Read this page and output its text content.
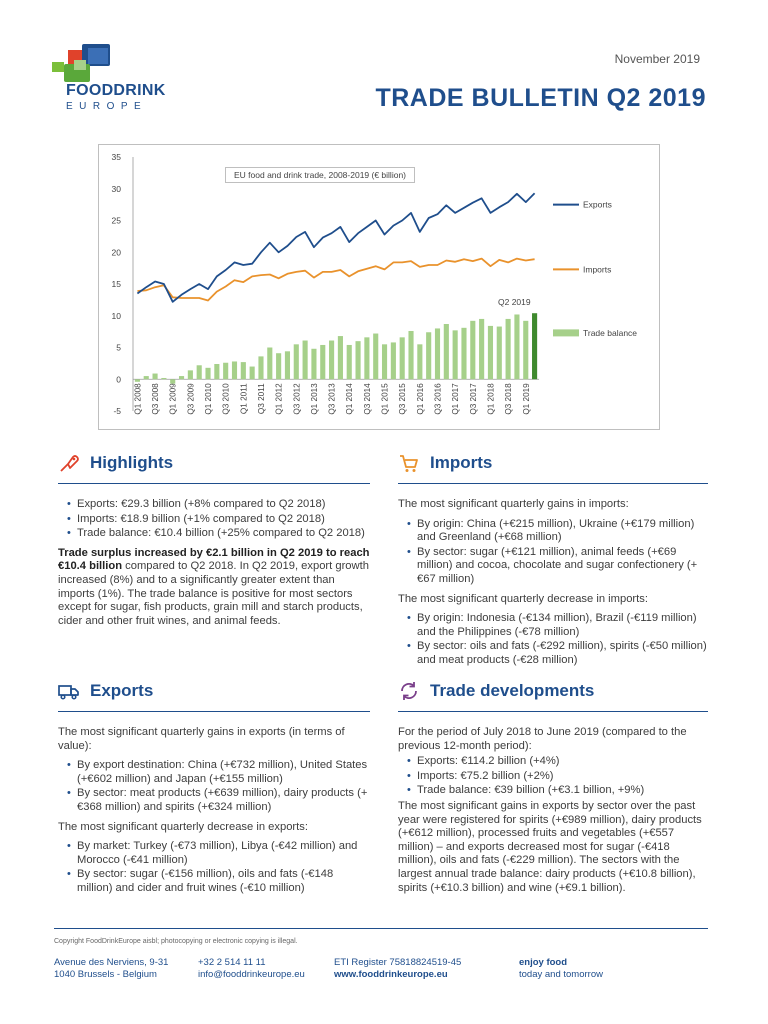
FOODDRINK
EUROPE
November 2019
TRADE BULLETIN Q2 2019
-5
0
5
10
15
20
25
30
35
Q1 2008 Q3 2008 Q1 2009 Q3 2009 Q1 2010 Q3 2010 Q1 2011 Q3 2011 Q1 2012 Q3 2012 Q1 2013 Q3 2013 Q1 2014 Q3 2014 Q1 2015 Q3 2015 Q1 2016 Q3 2016 Q1 2017 Q3 2017 Q1 2018 Q3 2018 Q1 2019
Exports
Imports
Trade balance
EU food and drink trade, 2008-2019 (€ billion)
Q2 2019
Highlights
• Exports: €29.3 billion (+8% compared to Q2 2018)
• Imports: €18.9 billion (+1% compared to Q2 2018)
• Trade balance: €10.4 billion (+25% compared to Q2 2018)

Trade surplus increased by €2.1 billion in Q2 2019 to reach €10.4 billion compared to Q2 2018. In Q2 2019, export growth increased (8%) and to a significantly greater extent than imports (1%). The trade balance is positive for most sectors except for sugar, fish products, grain mill and starch products, cider and other fruit wines, and animal feeds.

Imports

The most significant quarterly gains in imports:

• By origin: China (+€215 million), Ukraine (+€179 million) and Greenland (+€68 million)
• By sector: sugar (+€121 million), animal feeds (+€69 million) and cocoa, chocolate and sugar confectionery (+€67 million)

The most significant quarterly decrease in imports:

• By origin: Indonesia (-€134 million), Brazil (-€119 million) and the Philippines (-€78 million)
• By sector: oils and fats (-€292 million), spirits (-€50 million) and meat products (-€28 million)
Exports

The most significant quarterly gains in exports (in terms of value):

• By export destination: China (+€732 million), United States (+€602 million) and Japan (+€155 million)
• By sector: meat products (+€639 million), dairy products (+€368 million) and spirits (+€324 million)

The most significant quarterly decrease in exports:

• By market: Turkey (-€73 million), Libya (-€42 million) and Morocco (-€41 million)
• By sector: sugar (-€156 million), oils and fats (-€148 million) and cider and fruit wines (-€10 million)
Trade developments

For the period of July 2018 to June 2019 (compared to the previous 12-month period):

• Exports: €114.2 billion (+4%)
• Imports: €75.2 billion (+2%)
• Trade balance: €39 billion (+€3.1 billion, +9%)

The most significant gains in exports by sector over the past year were registered for spirits (+€989 million), dairy products (+€612 million), processed fruits and vegetables (+€557 million) – and exports decreased most for sugar (-€418 million), oils and fats (-€229 million). The sectors with the largest annual trade balance: dairy products (+€10.8 billion), spirits (+€10.3 billion) and wine (+€9.1 billion).

Copyright FoodDrinkEurope aisbl; photocopying or electronic copying is illegal.
Avenue des Nerviens, 9-31
1040 Brussels - Belgium
+32 2 514 11 11
info@fooddrinkeurope.eu
ETI Register 75818824519-45
www.fooddrinkeurope.eu
enjoy food
today and tomorrow
